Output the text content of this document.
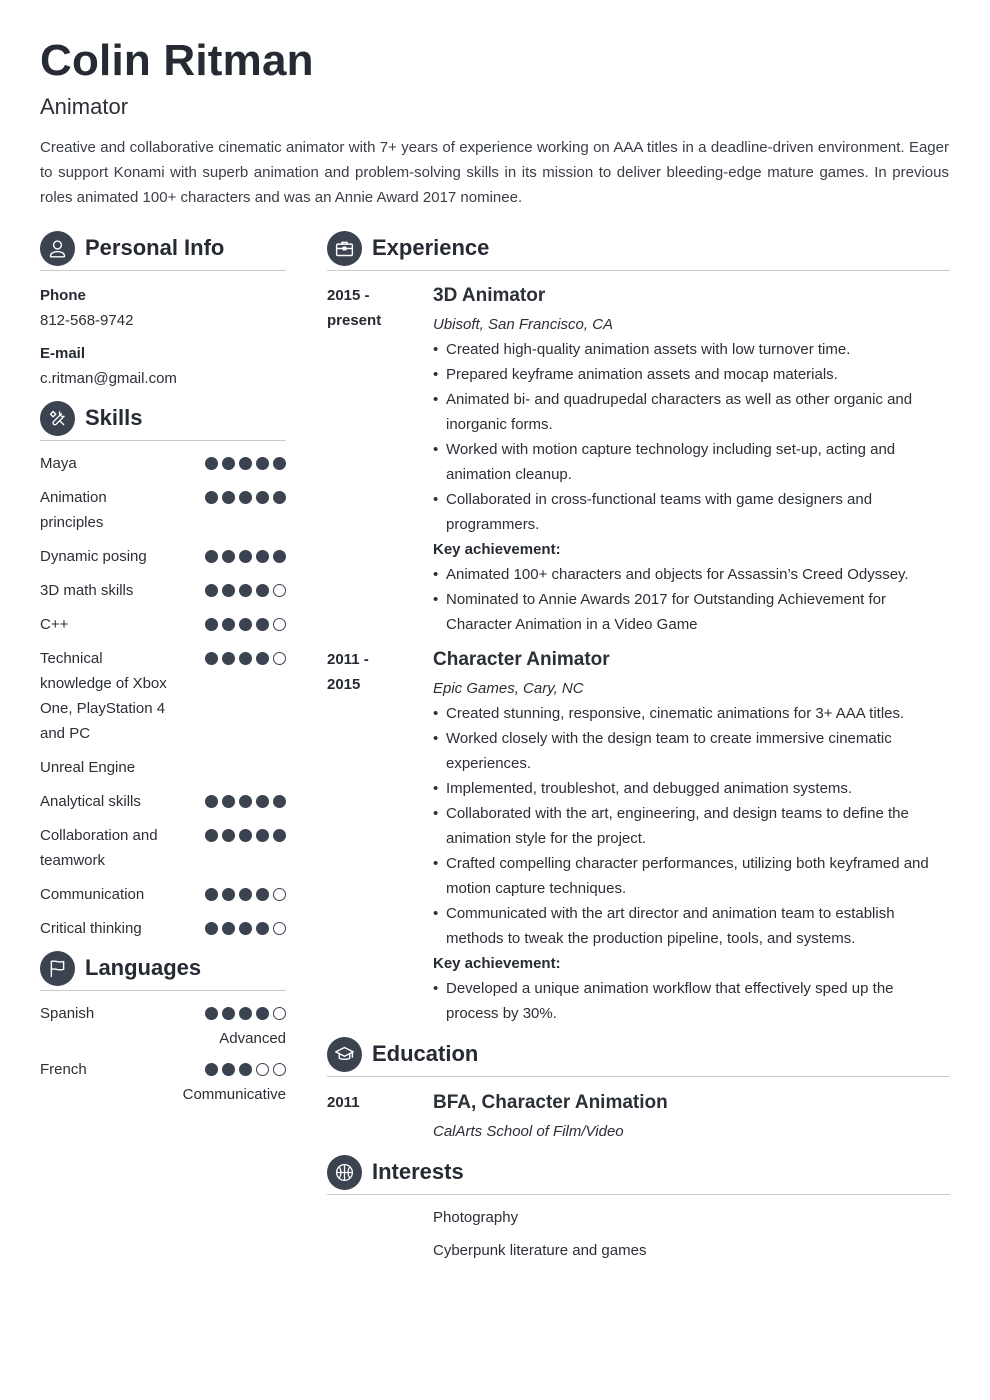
Colin Ritman
Animator
Creative and collaborative cinematic animator with 7+ years of experience working on AAA titles in a deadline-driven environment. Eager to support Konami with superb animation and problem-solving skills in its mission to deliver bleeding-edge mature games. In previous roles animated 100+ characters and was an Annie Award 2017 nominee.
Personal Info
Phone
812-568-9742
E-mail
c.ritman@gmail.com
Skills
Maya
Animation principles
Dynamic posing
3D math skills
C++
Technical knowledge of Xbox One, PlayStation 4 and PC
Unreal Engine
Analytical skills
Collaboration and teamwork
Communication
Critical thinking
Languages
Spanish
Advanced
French
Communicative
Experience
2015 -
present
3D Animator
Ubisoft, San Francisco, CA
• Created high-quality animation assets with low turnover time.
• Prepared keyframe animation assets and mocap materials.
• Animated bi- and quadrupedal characters as well as other organic and inorganic forms.
• Worked with motion capture technology including set-up, acting and animation cleanup.
• Collaborated in cross-functional teams with game designers and programmers.
Key achievement:
• Animated 100+ characters and objects for Assassin’s Creed Odyssey.
• Nominated to Annie Awards 2017 for Outstanding Achievement for Character Animation in a Video Game
2011 -
2015
Character Animator
Epic Games, Cary, NC
• Created stunning, responsive, cinematic animations for 3+ AAA titles.
• Worked closely with the design team to create immersive cinematic experiences.
• Implemented, troubleshot, and debugged animation systems.
• Collaborated with the art, engineering, and design teams to define the animation style for the project.
• Crafted compelling character performances, utilizing both keyframed and motion capture techniques.
• Communicated with the art director and animation team to establish methods to tweak the production pipeline, tools, and systems.
Key achievement:
• Developed a unique animation workflow that effectively sped up the process by 30%.
Education
2011	BFA, Character Animation
CalArts School of Film/Video
Interests
Photography
Cyberpunk literature and games
